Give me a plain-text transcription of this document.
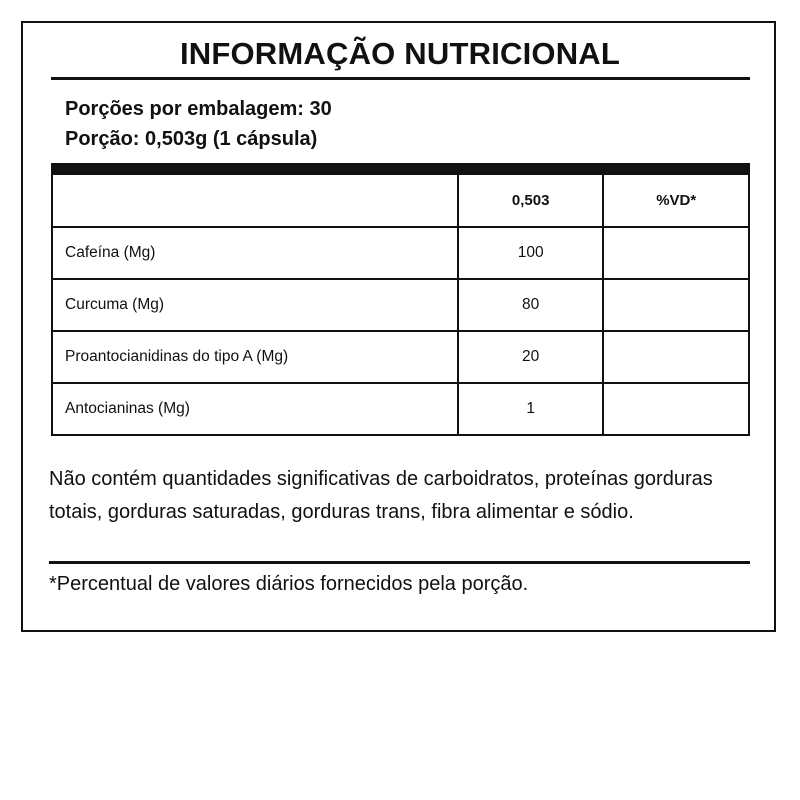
INFORMAÇÃO NUTRICIONAL
Porções por embalagem: 30
Porção: 0,503g (1 cápsula)
	0,503	%VD*
Cafeína (Mg)	100	
Curcuma (Mg)	80	
Proantocianidinas do tipo A (Mg)	20	
Antocianinas (Mg)	1	
Não contém quantidades significativas de carboidratos, proteínas gorduras totais, gorduras saturadas, gorduras trans, fibra alimentar e sódio.
*Percentual de valores diários fornecidos pela porção.
